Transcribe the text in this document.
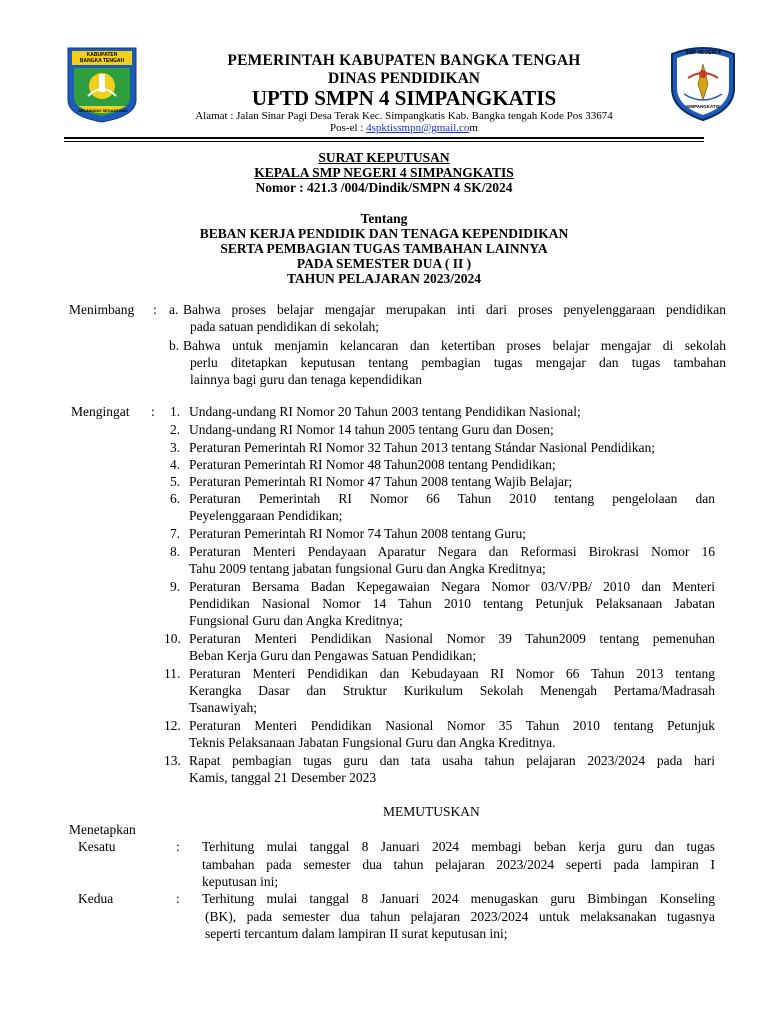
KABUPATEN
BANGKA TENGAH
SELAWANG SEGANTANG
SMP NEGERI 4
SIMPANGKATIS
PEMERINTAH KABUPATEN BANGKA TENGAH
DINAS PENDIDIKAN
UPTD SMPN 4 SIMPANGKATIS
Alamat : Jalan Sinar Pagi Desa Terak Kec. Simpangkatis Kab. Bangka tengah Kode Pos 33674
Pos-el : 4spktissmpn@gmail.com
SURAT KEPUTUSAN
KEPALA SMP NEGERI 4 SIMPANGKATIS
Nomor : 421.3 /004/Dindik/SMPN 4 SK/2024
Tentang
BEBAN KERJA PENDIDIK DAN TENAGA KEPENDIDIKAN
SERTA PEMBAGIAN TUGAS TAMBAHAN LAINNYA
PADA SEMESTER DUA ( II )
TAHUN PELAJARAN 2023/2024
Menimbang : a. Bahwa proses belajar mengajar merupakan inti dari proses penyelenggaraan pendidikan
pada satuan pendidikan di sekolah;
b. Bahwa untuk menjamin kelancaran dan ketertiban proses belajar mengajar di sekolah
perlu ditetapkan keputusan tentang pembagian tugas mengajar dan tugas tambahan
lainnya bagi guru dan tenaga kependidikan
Mengingat : 1. Undang-undang RI Nomor 20 Tahun 2003 tentang Pendidikan Nasional;
2. Undang-undang RI Nomor 14 tahun 2005 tentang Guru dan Dosen;
3. Peraturan Pemerintah RI Nomor 32 Tahun 2013 tentang Stándar Nasional Pendidikan;
4. Peraturan Pemerintah RI Nomor 48 Tahun2008 tentang Pendidikan;
5. Peraturan Pemerintah RI Nomor 47 Tahun 2008 tentang Wajib Belajar;
6. Peraturan Pemerintah RI Nomor 66 Tahun 2010 tentang pengelolaan dan
Peyelenggaraan Pendidikan;
7. Peraturan Pemerintah RI Nomor 74 Tahun 2008 tentang Guru;
8. Peraturan Menteri Pendayaan Aparatur Negara dan Reformasi Birokrasi Nomor 16
Tahu 2009 tentang jabatan fungsional Guru dan Angka Kreditnya;
9. Peraturan Bersama Badan Kepegawaian Negara Nomor 03/V/PB/ 2010 dan Menteri
Pendidikan Nasional Nomor 14 Tahun 2010 tentang Petunjuk Pelaksanaan Jabatan
Fungsional Guru dan Angka Kreditnya;
10. Peraturan Menteri Pendidikan Nasional Nomor 39 Tahun2009 tentang pemenuhan
Beban Kerja Guru dan Pengawas Satuan Pendidikan;
11. Peraturan Menteri Pendidikan dan Kebudayaan RI Nomor 66 Tahun 2013 tentang
Kerangka Dasar dan Struktur Kurikulum Sekolah Menengah Pertama/Madrasah
Tsanawiyah;
12. Peraturan Menteri Pendidikan Nasional Nomor 35 Tahun 2010 tentang Petunjuk
Teknis Pelaksanaan Jabatan Fungsional Guru dan Angka Kreditnya.
13. Rapat pembagian tugas guru dan tata usaha tahun pelajaran 2023/2024 pada hari
Kamis, tanggal 21 Desember 2023
MEMUTUSKAN
Menetapkan
Kesatu	: Terhitung mulai tanggal 8 Januari 2024 membagi beban kerja guru dan tugas
tambahan pada semester dua tahun pelajaran 2023/2024 seperti pada lampiran I
keputusan ini;
Kedua	: Terhitung mulai tanggal 8 Januari 2024 menugaskan guru Bimbingan Konseling
(BK), pada semester dua tahun pelajaran 2023/2024 untuk melaksanakan tugasnya
seperti tercantum dalam lampiran II surat keputusan ini;
